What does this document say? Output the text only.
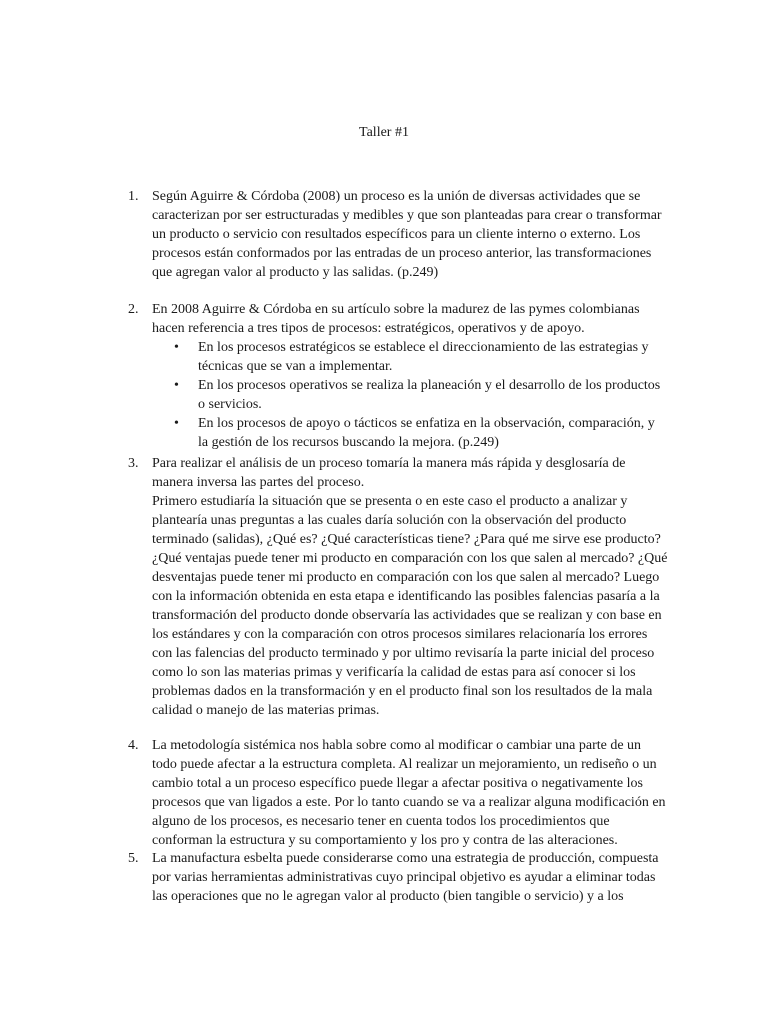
Taller #1
1. Según Aguirre & Córdoba (2008) un proceso es la unión de diversas actividades que se caracterizan por ser estructuradas y medibles y que son planteadas para crear o transformar un producto o servicio con resultados específicos para un cliente interno o externo. Los procesos están conformados por las entradas de un proceso anterior, las transformaciones que agregan valor al producto y las salidas. (p.249)

2. En 2008 Aguirre & Córdoba en su artículo sobre la madurez de las pymes colombianas hacen referencia a tres tipos de procesos: estratégicos, operativos y de apoyo.

• En los procesos estratégicos se establece el direccionamiento de las estrategias y técnicas que se van a implementar.
• En los procesos operativos se realiza la planeación y el desarrollo de los productos o servicios.
• En los procesos de apoyo o tácticos se enfatiza en la observación, comparación, y la gestión de los recursos buscando la mejora. (p.249)
3. Para realizar el análisis de un proceso tomaría la manera más rápida y desglosaría de manera inversa las partes del proceso.

Primero estudiaría la situación que se presenta o en este caso el producto a analizar y plantearía unas preguntas a las cuales daría solución con la observación del producto terminado (salidas), ¿Qué es? ¿Qué características tiene? ¿Para qué me sirve ese producto? ¿Qué ventajas puede tener mi producto en comparación con los que salen al mercado? ¿Qué desventajas puede tener mi producto en comparación con los que salen al mercado? Luego con la información obtenida en esta etapa e identificando las posibles falencias pasaría a la transformación del producto donde observaría las actividades que se realizan y con base en los estándares y con la comparación con otros procesos similares relacionaría los errores con las falencias del producto terminado y por ultimo revisaría la parte inicial del proceso como lo son las materias primas y verificaría la calidad de estas para así conocer si los problemas dados en la transformación y en el producto final son los resultados de la mala calidad o manejo de las materias primas.

4. La metodología sistémica nos habla sobre como al modificar o cambiar una parte de un todo puede afectar a la estructura completa. Al realizar un mejoramiento, un rediseño o un cambio total a un proceso específico puede llegar a afectar positiva o negativamente los procesos que van ligados a este. Por lo tanto cuando se va a realizar alguna modificación en alguno de los procesos, es necesario tener en cuenta todos los procedimientos que conforman la estructura y su comportamiento y los pro y contra de las alteraciones.

5. La manufactura esbelta puede considerarse como una estrategia de producción, compuesta por varias herramientas administrativas cuyo principal objetivo es ayudar a eliminar todas las operaciones que no le agregan valor al producto (bien tangible o servicio) y a los
